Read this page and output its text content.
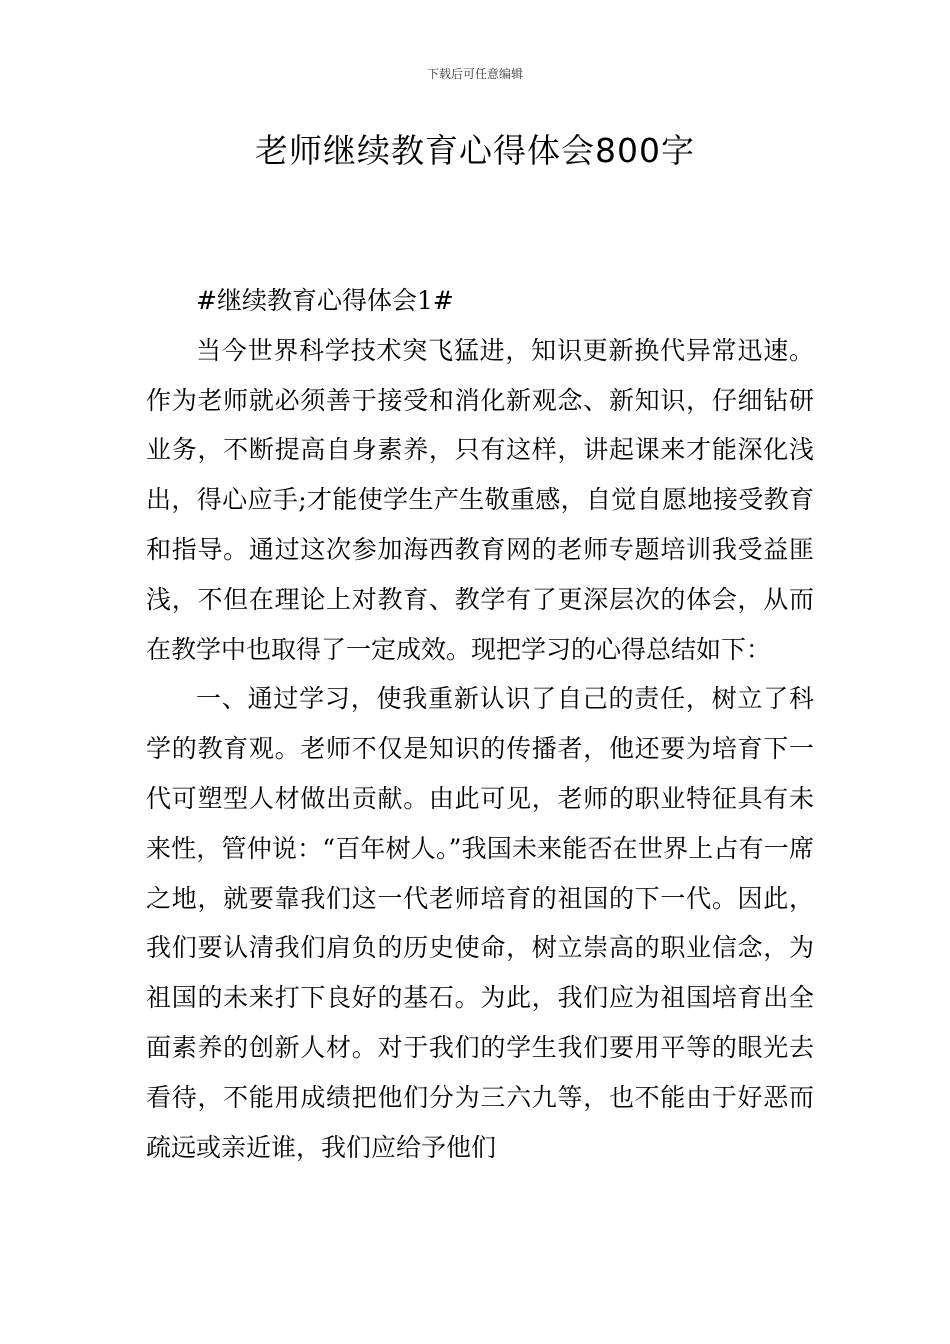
下载后可任意编辑
老师继续教育心得体会800字

#继续教育心得体会1#

当今世界科学技术突飞猛进，知识更新换代异常迅速。作为老师就必须善于接受和消化新观念、新知识，仔细钻研业务，不断提高自身素养，只有这样，讲起课来才能深化浅出，得心应手;才能使学生产生敬重感，自觉自愿地接受教育和指导。通过这次参加海西教育网的老师专题培训我受益匪浅，不但在理论上对教育、教学有了更深层次的体会，从而在教学中也取得了一定成效。现把学习的心得总结如下：

一、通过学习，使我重新认识了自己的责任，树立了科学的教育观。老师不仅是知识的传播者，他还要为培育下一代可塑型人材做出贡献。由此可见，老师的职业特征具有未来性，管仲说：“百年树人。”我国未来能否在世界上占有一席之地，就要靠我们这一代老师培育的祖国的下一代。因此，我们要认清我们肩负的历史使命，树立崇高的职业信念，为祖国的未来打下良好的基石。为此，我们应为祖国培育出全面素养的创新人材。对于我们的学生我们要用平等的眼光去看待，不能用成绩把他们分为三六九等，也不能由于好恶而疏远或亲近谁，我们应给予他们
